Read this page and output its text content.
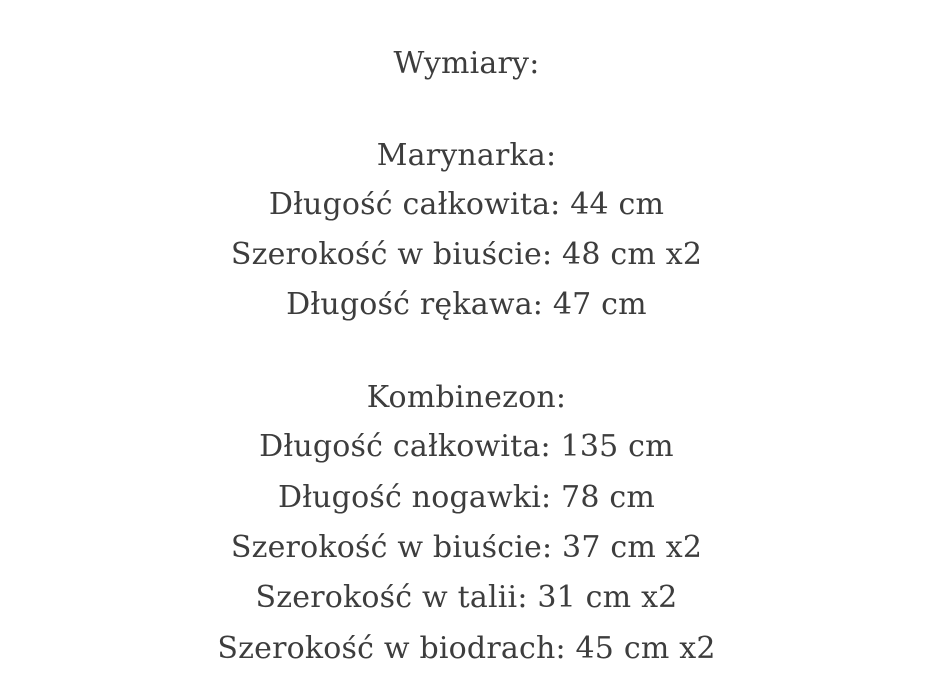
Wymiary:
Marynarka:
Długość całkowita: 44 cm
Szerokość w biuście: 48 cm x2
Długość rękawa: 47 cm
Kombinezon:
Długość całkowita: 135 cm
Długość nogawki: 78 cm
Szerokość w biuście: 37 cm x2
Szerokość w talii: 31 cm x2
Szerokość w biodrach: 45 cm x2
